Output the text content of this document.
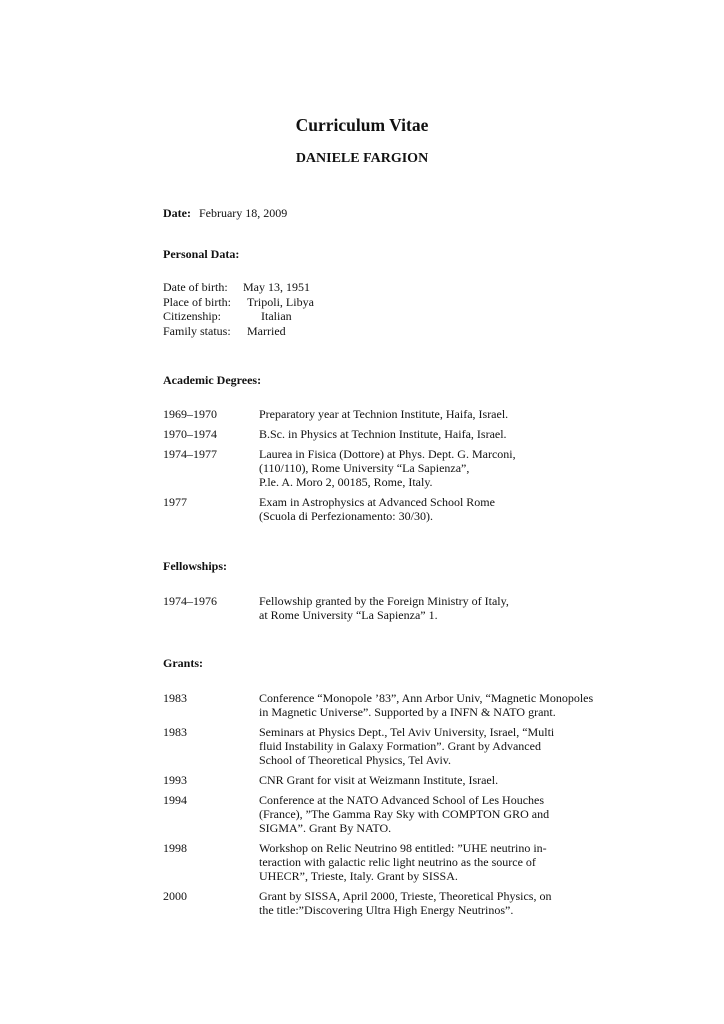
Curriculum Vitae
DANIELE FARGION
Date: February 18, 2009
Personal Data:
Date of birth: May 13, 1951
Place of birth: Tripoli, Libya
Citizenship:	Italian
Family status: Married
Academic Degrees:
1969–1970	Preparatory year at Technion Institute, Haifa, Israel.
1970–1974	B.Sc. in Physics at Technion Institute, Haifa, Israel.
1974–1977	Laurea in Fisica (Dottore) at Phys. Dept. G. Marconi,
(110/110), Rome University “La Sapienza”,
P.le. A. Moro 2, 00185, Rome, Italy.
1977	Exam in Astrophysics at Advanced School Rome
(Scuola di Perfezionamento: 30/30).
Fellowships:
1974–1976	Fellowship granted by the Foreign Ministry of Italy,
at Rome University “La Sapienza” 1.
Grants:
1983	Conference “Monopole ’83”, Ann Arbor Univ, “Magnetic Monopoles
in Magnetic Universe”. Supported by a INFN & NATO grant.
1983	Seminars at Physics Dept., Tel Aviv University, Israel, “Multi
fluid Instability in Galaxy Formation”. Grant by Advanced
School of Theoretical Physics, Tel Aviv.
1993	CNR Grant for visit at Weizmann Institute, Israel.
1994	Conference at the NATO Advanced School of Les Houches
(France), ”The Gamma Ray Sky with COMPTON GRO and
SIGMA”. Grant By NATO.
1998	Workshop on Relic Neutrino 98 entitled: ”UHE neutrino in-
teraction with galactic relic light neutrino as the source of
UHECR”, Trieste, Italy. Grant by SISSA.
2000	Grant by SISSA, April 2000, Trieste, Theoretical Physics, on
the title:”Discovering Ultra High Energy Neutrinos”.
